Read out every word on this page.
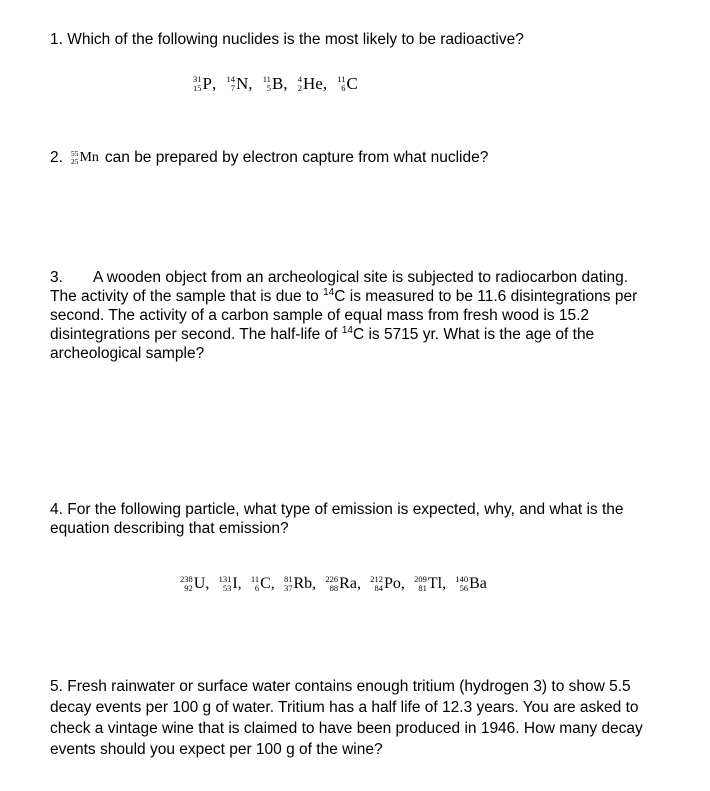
1. Which of the following nuclides is the most likely to be radioactive?
31
15 P ,
14
7 N ,
11
5 B ,
4
2 He ,
11
6 C
2. 55
25 Mn can be prepared by electron capture from what nuclide?
3. A wooden object from an archeological site is subjected to radiocarbon dating.
The activity of the sample that is due to $^{14}$C is measured to be 11.6 disintegrations per
second. The activity of a carbon sample of equal mass from fresh wood is 15.2
disintegrations per second. The half-life of $^{14}$C is 5715 yr. What is the age of the
archeological sample?
4. For the following particle, what type of emission is expected, why, and what is the
equation describing that emission?
238
92 U ,
131
53 I ,
11
6 C ,
81
37 Rb ,
226
88 Ra ,
212
84 Po ,
209
81 Tl ,
140
56 Ba
5. Fresh rainwater or surface water contains enough tritium (hydrogen 3) to show 5.5
decay events per 100 g of water. Tritium has a half life of 12.3 years. You are asked to
check a vintage wine that is claimed to have been produced in 1946. How many decay
events should you expect per 100 g of the wine?
